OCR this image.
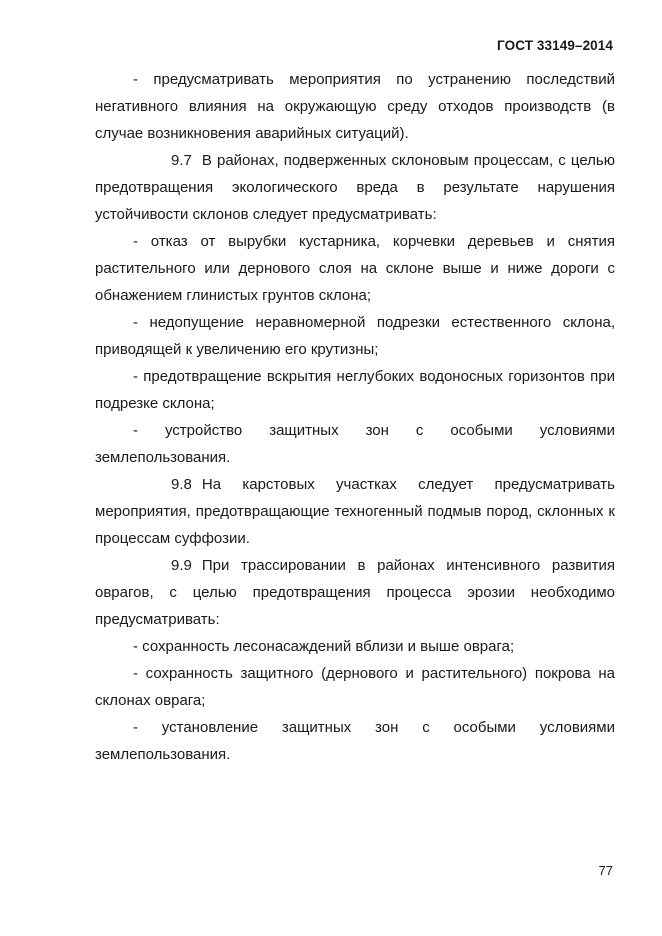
ГОСТ 33149–2014

- предусматривать мероприятия по устранению последствий негативного влияния на окружающую среду отходов производств (в случае возникновения аварийных ситуаций).

9.7 В районах, подверженных склоновым процессам, с целью предотвращения экологического вреда в результате нарушения устойчивости склонов следует предусматривать:

- отказ от вырубки кустарника, корчевки деревьев и снятия растительного или дернового слоя на склоне выше и ниже дороги с обнажением глинистых грунтов склона;

- недопущение неравномерной подрезки естественного склона, приводящей к увеличению его крутизны;

- предотвращение вскрытия неглубоких водоносных горизонтов при подрезке склона;

- устройство защитных зон с особыми условиями землепользования.

9.8 На карстовых участках следует предусматривать мероприятия, предотвращающие техногенный подмыв пород, склонных к процессам суффозии.

9.9 При трассировании в районах интенсивного развития оврагов, с целью предотвращения процесса эрозии необходимо предусматривать:

- сохранность лесонасаждений вблизи и выше оврага;

- сохранность защитного (дернового и растительного) покрова на склонах оврага;

- установление защитных зон с особыми условиями землепользования.

77
